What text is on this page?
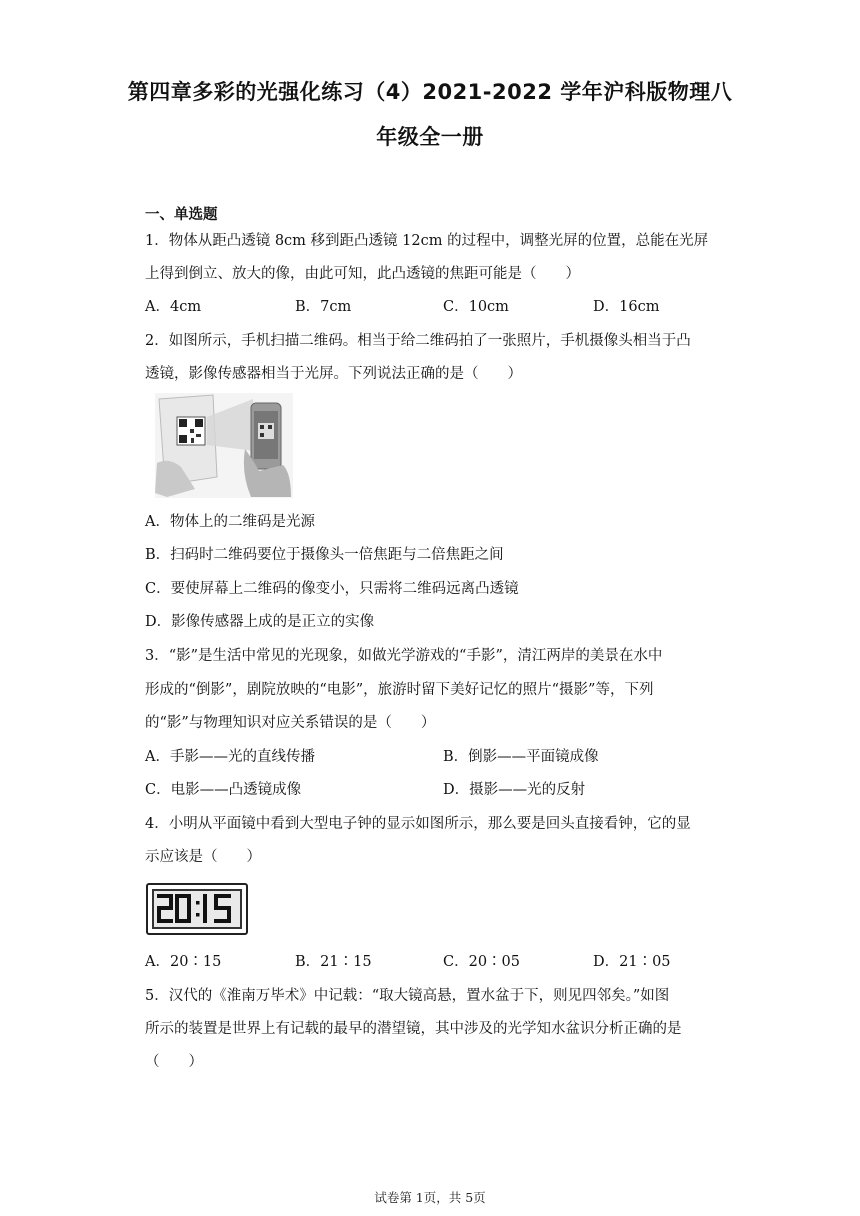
第四章多彩的光强化练习（4）2021-2022 学年沪科版物理八
年级全一册
一、单选题
1．物体从距凸透镜 8cm 移到距凸透镜 12cm 的过程中，调整光屏的位置，总能在光屏
上得到倒立、放大的像，由此可知，此凸透镜的焦距可能是（　　）
A．4cm	B．7cm	C．10cm	D．16cm
2．如图所示，手机扫描二维码。相当于给二维码拍了一张照片，手机摄像头相当于凸
透镜，影像传感器相当于光屏。下列说法正确的是（　　）
A．物体上的二维码是光源
B．扫码时二维码要位于摄像头一倍焦距与二倍焦距之间
C．要使屏幕上二维码的像变小，只需将二维码远离凸透镜
D．影像传感器上成的是正立的实像
3．“影”是生活中常见的光现象，如做光学游戏的“手影”，清江两岸的美景在水中
形成的“倒影”，剧院放映的“电影”，旅游时留下美好记忆的照片“摄影”等，下列
的“影”与物理知识对应关系错误的是（　　）
A．手影——光的直线传播	B．倒影——平面镜成像
C．电影——凸透镜成像	D．摄影——光的反射
4．小明从平面镜中看到大型电子钟的显示如图所示，那么要是回头直接看钟，它的显
示应该是（　　）
A．20∶15	B．21∶15	C．20∶05	D．21∶05
5．汉代的《淮南万毕术》中记载：“取大镜高悬，置水盆于下，则见四邻矣。”如图
所示的装置是世界上有记载的最早的潜望镜，其中涉及的光学知水盆识分析正确的是
（　　）
试卷第 1页，共 5页
